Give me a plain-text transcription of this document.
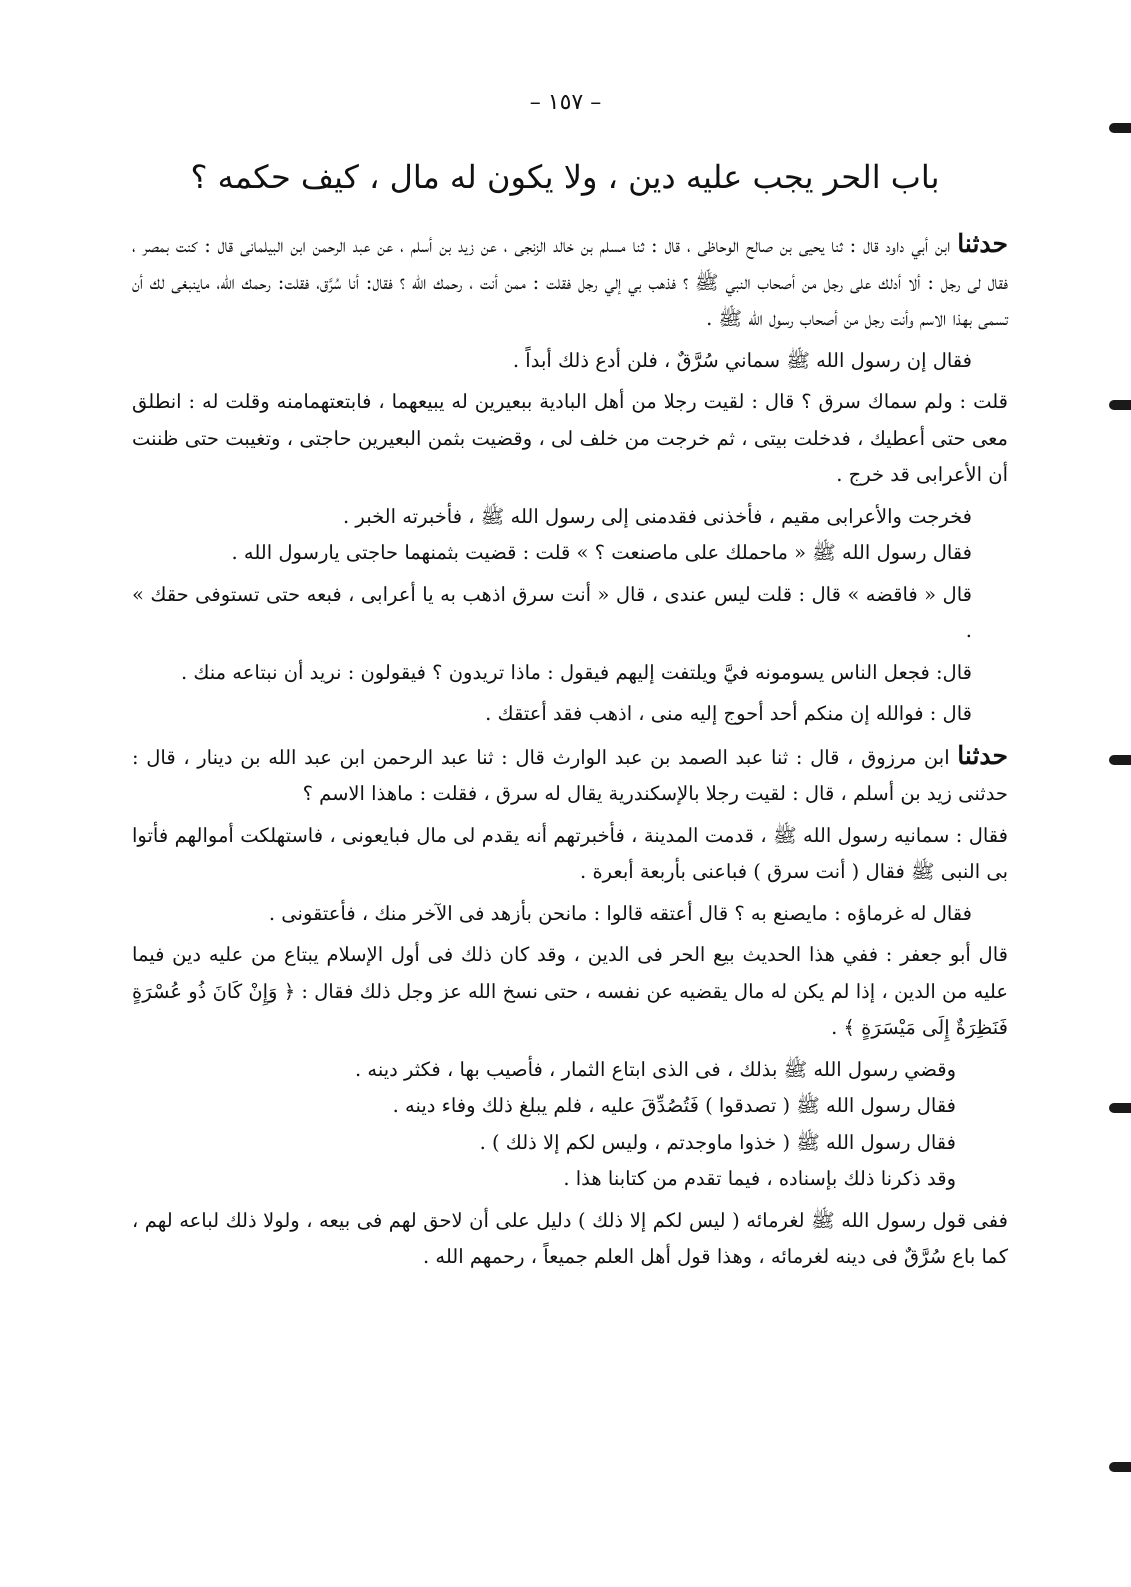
– ١٥٧ –
باب الحر يجب عليه دين ، ولا يكون له مال ، كيف حكمه ؟

حدثنا ابن أبي داود قال : ثنا يحيى بن صالح الوحاظى ، قال : ثنا مسلم بن خالد الزنجى ، عن زيد بن أسلم ، عن عبد الرحمن ابن البيلمانى قال : كنت بمصر ، فقال لى رجل : ألا أدلك على رجل من أصحاب النبي ﷺ ؟ فذهب بي إلي رجل فقلت : ممن أنت ، رحمك الله ؟ فقال: أنا سُرَّق، فقلت: رحمك الله، ماينبغى لك أن تسمى بهذا الاسم وأنت رجل من أصحاب رسول الله ﷺ .

فقال إن رسول الله ﷺ سماني سُرَّقٌ ، فلن أدع ذلك أبداً .

قلت : ولم سماك سرق ؟ قال : لقيت رجلا من أهل البادية ببعيرين له يبيعهما ، فابتعتهمامنه وقلت له : انطلق معى حتى أعطيك ، فدخلت بيتى ، ثم خرجت من خلف لى ، وقضيت بثمن البعيرين حاجتى ، وتغيبت حتى ظننت أن الأعرابى قد خرج .

فخرجت والأعرابى مقيم ، فأخذنى فقدمنى إلى رسول الله ﷺ ، فأخبرته الخبر .

فقال رسول الله ﷺ « ماحملك على ماصنعت ؟ » قلت : قضيت بثمنهما حاجتى يارسول الله .

قال « فاقضه » قال : قلت ليس عندى ، قال « أنت سرق اذهب به يا أعرابى ، فبعه حتى تستوفى حقك » .

قال: فجعل الناس يسومونه فيَّ ويلتفت إليهم فيقول : ماذا تريدون ؟ فيقولون : نريد أن نبتاعه منك .

قال : فوالله إن منكم أحد أحوج إليه منى ، اذهب فقد أعتقك .

حدثنا ابن مرزوق ، قال : ثنا عبد الصمد بن عبد الوارث قال : ثنا عبد الرحمن ابن عبد الله بن دينار ، قال : حدثنى زيد بن أسلم ، قال : لقيت رجلا بالإسكندرية يقال له سرق ، فقلت : ماهذا الاسم ؟

فقال : سمانيه رسول الله ﷺ ، قدمت المدينة ، فأخبرتهم أنه يقدم لى مال فبايعونى ، فاستهلكت أموالهم فأتوا بى النبى ﷺ فقال ( أنت سرق ) فباعنى بأربعة أبعرة .

فقال له غرماؤه : مايصنع به ؟ قال أعتقه قالوا : مانحن بأزهد فى الآخر منك ، فأعتقونى .

قال أبو جعفر : ففي هذا الحديث بيع الحر فى الدين ، وقد كان ذلك فى أول الإسلام يبتاع من عليه دين فيما عليه من الدين ، إذا لم يكن له مال يقضيه عن نفسه ، حتى نسخ الله عز وجل ذلك فقال : ﴿ وَإِنْ كَانَ ذُو عُسْرَةٍ فَنَظِرَةٌ إِلَى مَيْسَرَةٍ ﴾ .

وقضي رسول الله ﷺ بذلك ، فى الذى ابتاع الثمار ، فأصيب بها ، فكثر دينه .

فقال رسول الله ﷺ ( تصدقوا ) فَتُصُدِّقَ عليه ، فلم يبلغ ذلك وفاء دينه .

فقال رسول الله ﷺ ( خذوا ماوجدتم ، وليس لكم إلا ذلك ) .

وقد ذكرنا ذلك بإسناده ، فيما تقدم من كتابنا هذا .

ففى قول رسول الله ﷺ لغرمائه ( ليس لكم إلا ذلك ) دليل على أن لاحق لهم فى بيعه ، ولولا ذلك لباعه لهم ، كما باع سُرَّقٌ فى دينه لغرمائه ، وهذا قول أهل العلم جميعاً ، رحمهم الله .
